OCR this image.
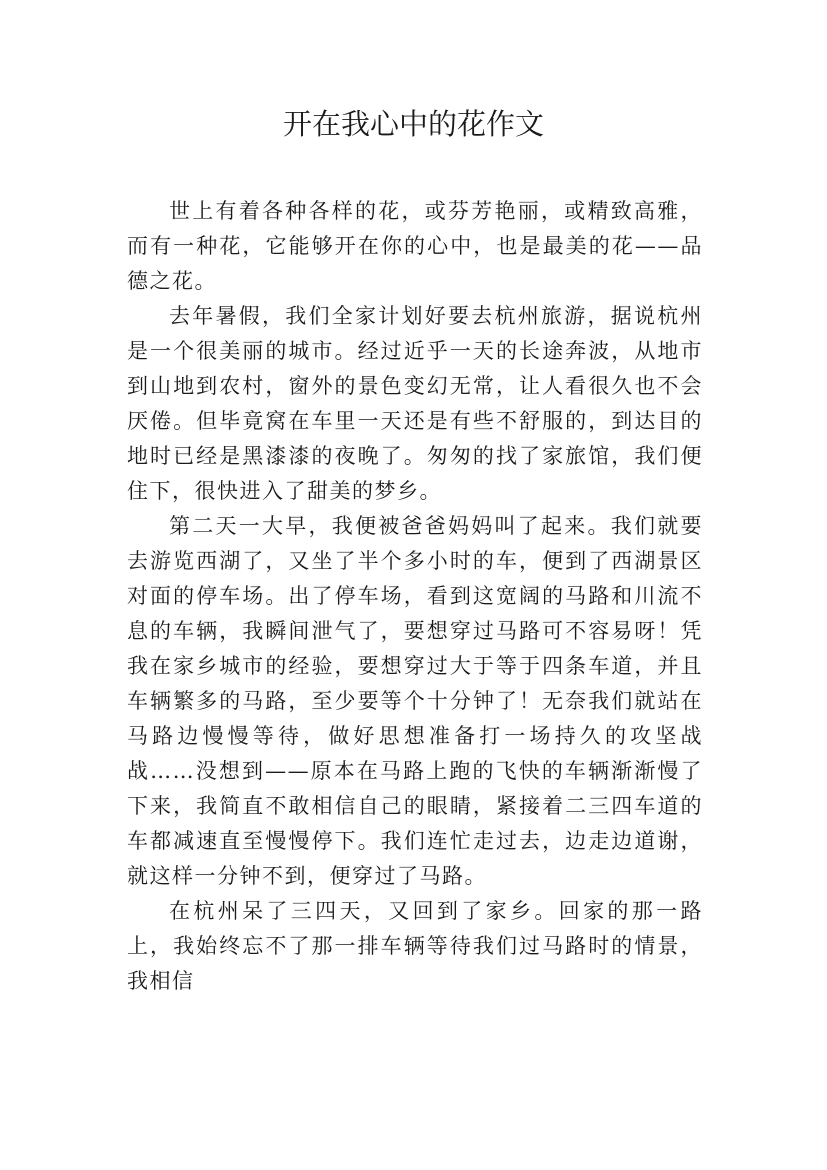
开在我心中的花作文

世上有着各种各样的花，或芬芳艳丽，或精致高雅，而有一种花，它能够开在你的心中，也是最美的花——品德之花。

去年暑假，我们全家计划好要去杭州旅游，据说杭州是一个很美丽的城市。经过近乎一天的长途奔波，从地市到山地到农村，窗外的景色变幻无常，让人看很久也不会厌倦。但毕竟窝在车里一天还是有些不舒服的，到达目的地时已经是黑漆漆的夜晚了。匆匆的找了家旅馆，我们便住下，很快进入了甜美的梦乡。

第二天一大早，我便被爸爸妈妈叫了起来。我们就要去游览西湖了，又坐了半个多小时的车，便到了西湖景区对面的停车场。出了停车场，看到这宽阔的马路和川流不息的车辆，我瞬间泄气了，要想穿过马路可不容易呀！凭我在家乡城市的经验，要想穿过大于等于四条车道，并且车辆繁多的马路，至少要等个十分钟了！无奈我们就站在马路边慢慢等待，做好思想准备打一场持久的攻坚战战……没想到——原本在马路上跑的飞快的车辆渐渐慢了下来，我简直不敢相信自己的眼睛，紧接着二三四车道的车都减速直至慢慢停下。我们连忙走过去，边走边道谢，就这样一分钟不到，便穿过了马路。

在杭州呆了三四天，又回到了家乡。回家的那一路上，我始终忘不了那一排车辆等待我们过马路时的情景，我相信
